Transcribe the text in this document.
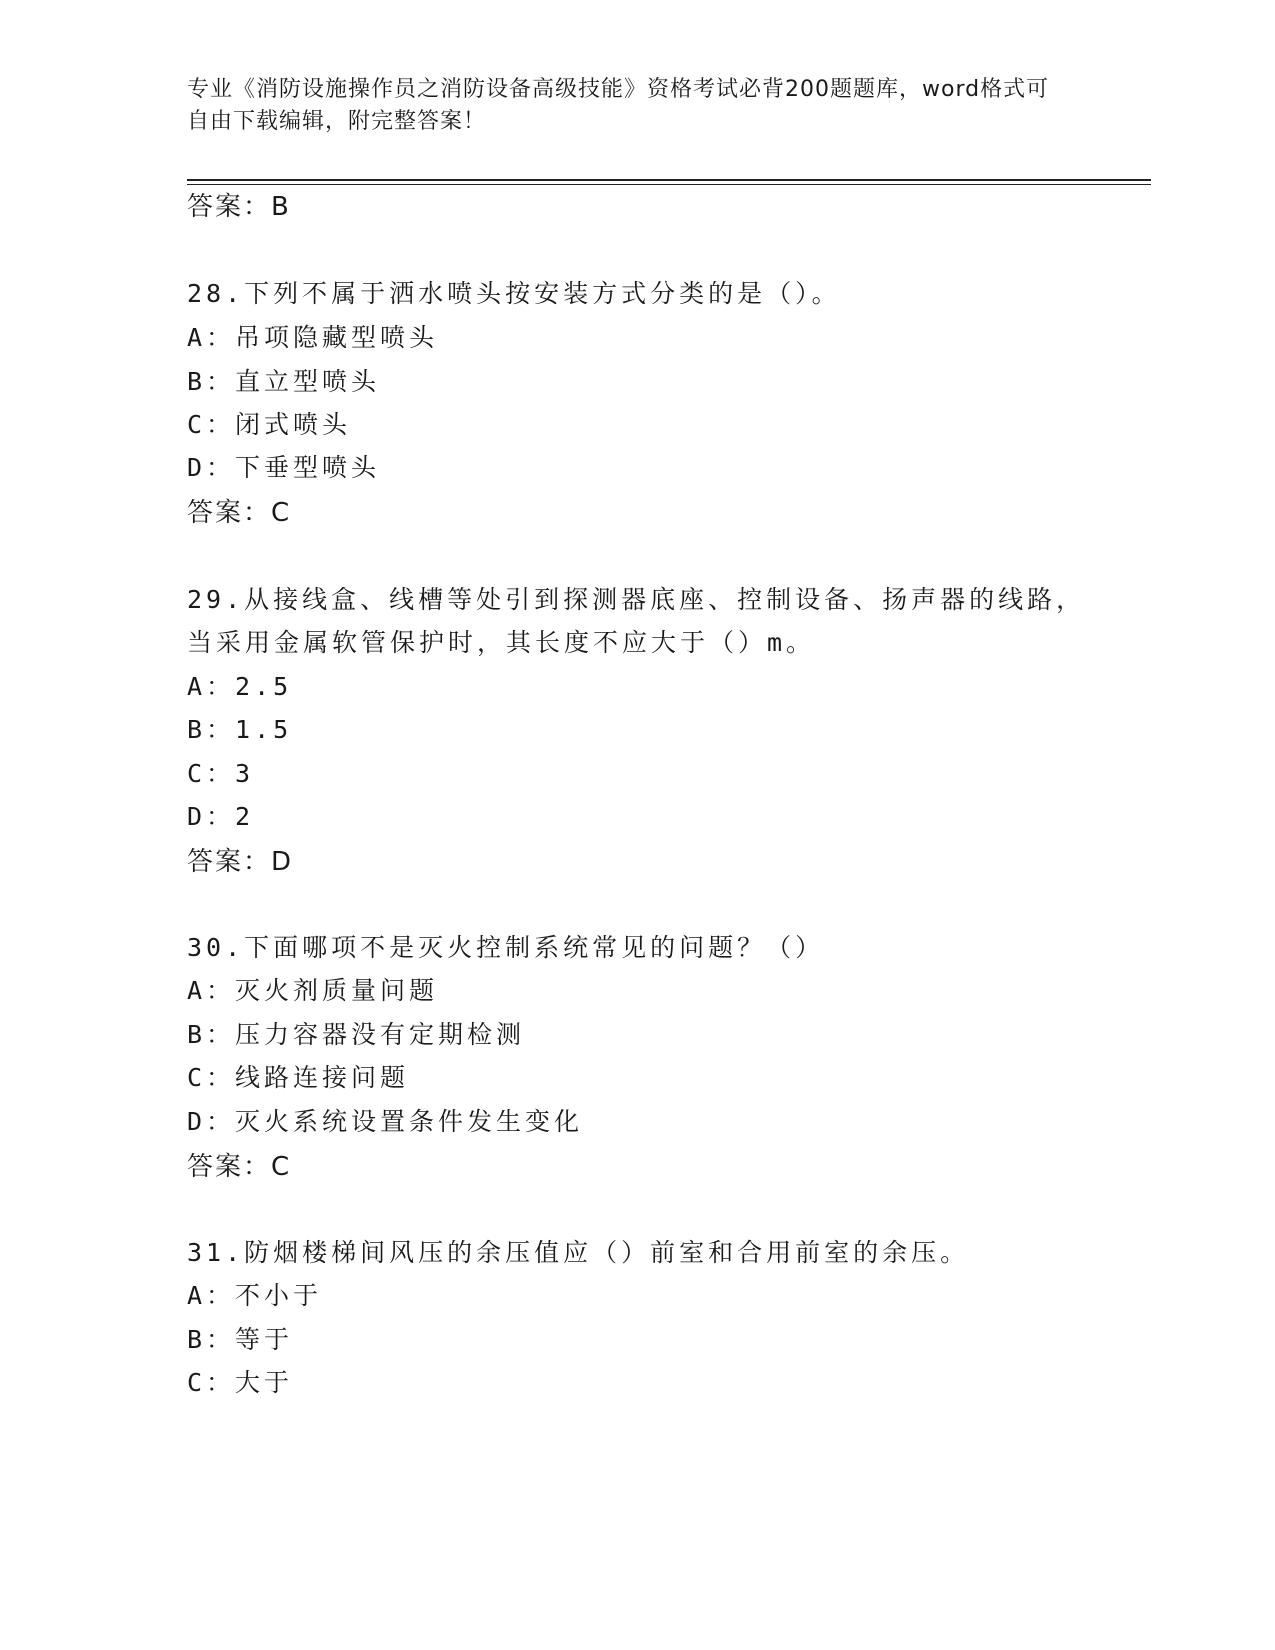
专业《消防设施操作员之消防设备高级技能》资格考试必背200题题库，word格式可自由下载编辑，附完整答案！
答案：B
28.下列不属于洒水喷头按安装方式分类的是（）。
A：吊项隐藏型喷头
B：直立型喷头
C：闭式喷头
D：下垂型喷头
答案：C
29.从接线盒、线槽等处引到探测器底座、控制设备、扬声器的线路，
当采用金属软管保护时，其长度不应大于（）m。
A：2.5
B：1.5
C：3
D：2
答案：D
30.下面哪项不是灭火控制系统常见的问题？（）
A：灭火剂质量问题
B：压力容器没有定期检测
C：线路连接问题
D：灭火系统设置条件发生变化
答案：C
31.防烟楼梯间风压的余压值应（）前室和合用前室的余压。
A：不小于
B：等于
C：大于
